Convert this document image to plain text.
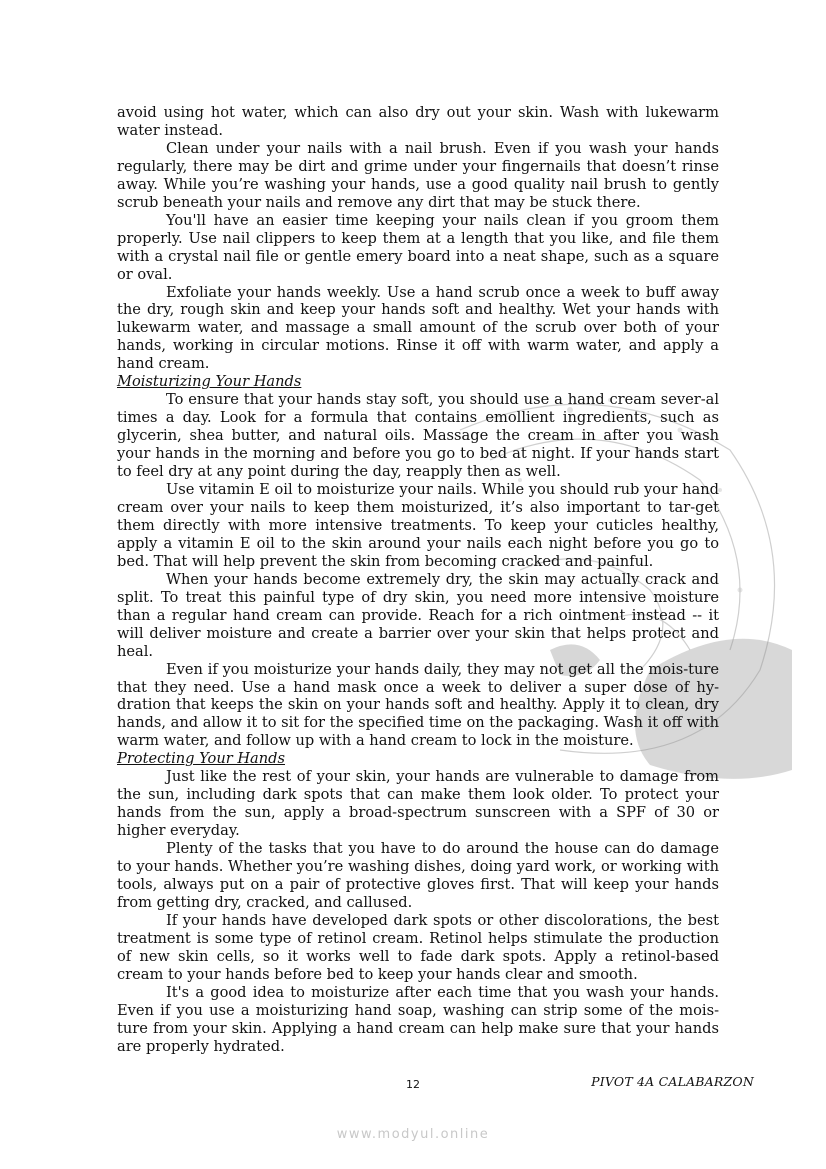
avoid using hot water, which can also dry out your skin. Wash with lukewarm water instead.

Clean under your nails with a nail brush. Even if you wash your hands regularly, there may be dirt and grime under your fingernails that doesn’t rinse away. While you’re washing your hands, use a good quality nail brush to gently scrub beneath your nails and remove any dirt that may be stuck there.

You'll have an easier time keeping your nails clean if you groom them properly. Use nail clippers to keep them at a length that you like, and file them with a crystal nail file or gentle emery board into a neat shape, such as a square or oval.

Exfoliate your hands weekly. Use a hand scrub once a week to buff away the dry, rough skin and keep your hands soft and healthy. Wet your hands with lukewarm water, and massage a small amount of the scrub over both of your hands, working in circular motions. Rinse it off with warm water, and apply a hand cream.

Moisturizing Your Hands

To ensure that your hands stay soft, you should use a hand cream sever-al times a day. Look for a formula that contains emollient ingredients, such as glycerin, shea butter, and natural oils. Massage the cream in after you wash your hands in the morning and before you go to bed at night. If your hands start to feel dry at any point during the day, reapply then as well.

Use vitamin E oil to moisturize your nails. While you should rub your hand cream over your nails to keep them moisturized, it’s also important to tar-get them directly with more intensive treatments. To keep your cuticles healthy, apply a vitamin E oil to the skin around your nails each night before you go to bed. That will help prevent the skin from becoming cracked and painful.

When your hands become extremely dry, the skin may actually crack and split. To treat this painful type of dry skin, you need more intensive moisture than a regular hand cream can provide. Reach for a rich ointment instead -- it will deliver moisture and create a barrier over your skin that helps protect and heal.

Even if you moisturize your hands daily, they may not get all the mois-ture that they need. Use a hand mask once a week to deliver a super dose of hy-dration that keeps the skin on your hands soft and healthy. Apply it to clean, dry hands, and allow it to sit for the specified time on the packaging. Wash it off with warm water, and follow up with a hand cream to lock in the moisture.

Protecting Your Hands

Just like the rest of your skin, your hands are vulnerable to damage from the sun, including dark spots that can make them look older. To protect your hands from the sun, apply a broad-spectrum sunscreen with a SPF of 30 or higher everyday.

Plenty of the tasks that you have to do around the house can do damage to your hands. Whether you’re washing dishes, doing yard work, or working with tools, always put on a pair of protective gloves first. That will keep your hands from getting dry, cracked, and callused.

If your hands have developed dark spots or other discolorations, the best treatment is some type of retinol cream. Retinol helps stimulate the production of new skin cells, so it works well to fade dark spots. Apply a retinol-based cream to your hands before bed to keep your hands clear and smooth.

It's a good idea to moisturize after each time that you wash your hands. Even if you use a moisturizing hand soap, washing can strip some of the mois-ture from your skin. Applying a hand cream can help make sure that your hands are properly hydrated.

12	PIVOT 4A CALABARZON
www.modyul.online
